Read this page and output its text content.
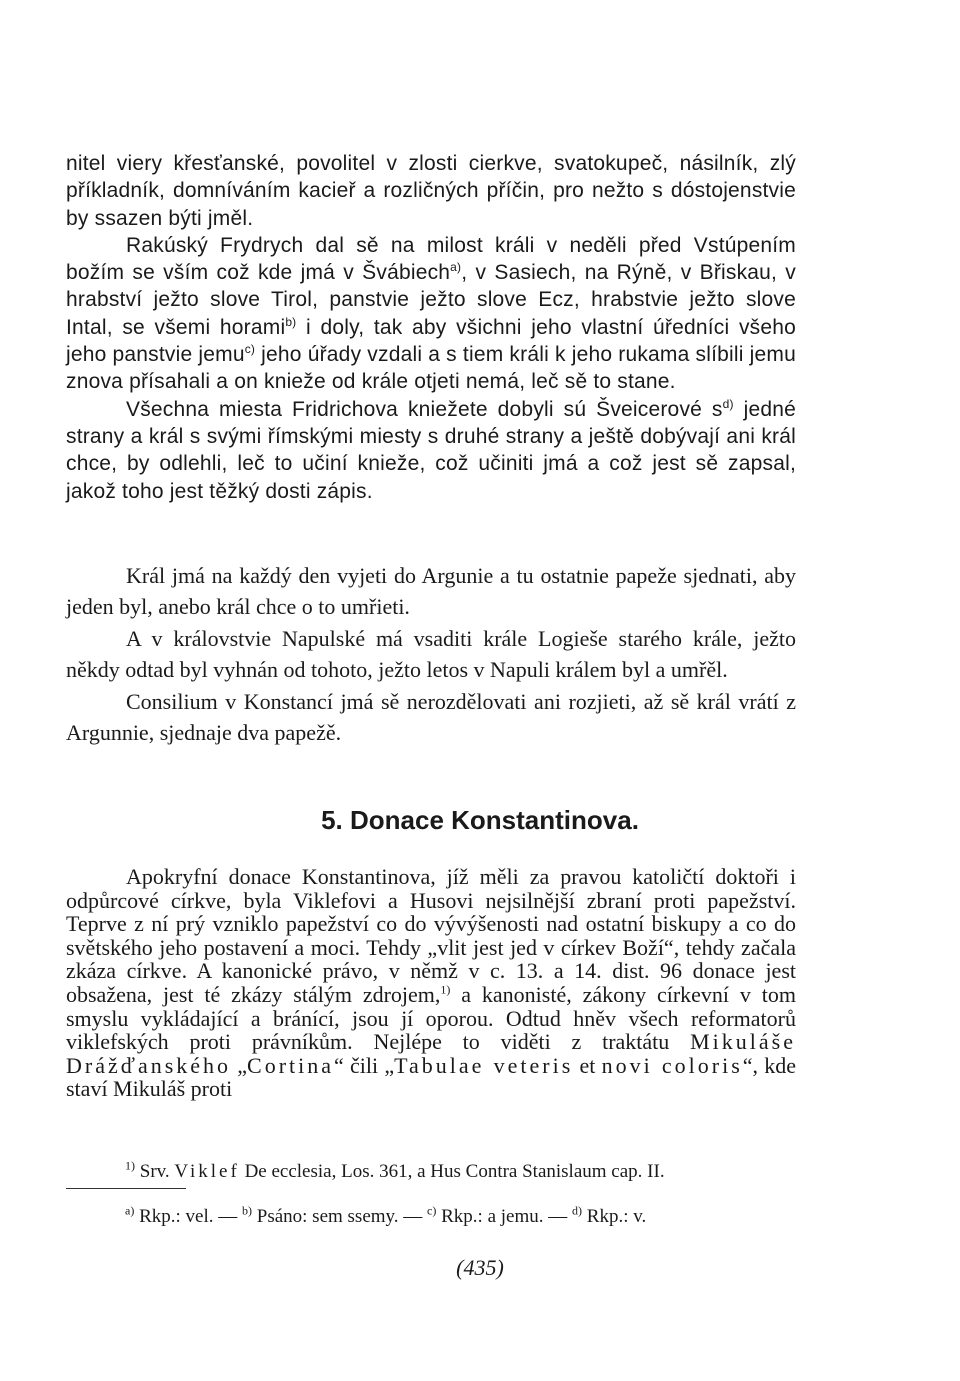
nitel viery křesťanské, povolitel v zlosti cierkve, svatokupeč, násilník, zlý příkladník, domníváním kacieř a rozličných příčin, pro nežto s dóstojenstvie by ssazen býti jměl.

Rakúský Frydrych dal sě na milost králi v neděli před Vstúpením božím se vším což kde jmá v Švábiech$^{a)}$, v Sasiech, na Rýně, v Břiskau, v hrabství ježto slove Tirol, panstvie ježto slove Ecz, hrabstvie ježto slove Intal, se všemi horami$^{b)}$ i doly, tak aby všichni jeho vlastní úředníci všeho jeho panstvie jemu$^{c)}$ jeho úřady vzdali a s tiem králi k jeho rukama slíbili jemu znova přísahali a on knieže od krále otjeti nemá, leč sě to stane.

Všechna miesta Fridrichova kniežete dobyli sú Šveicerové $s^{d)}$ jedné strany a král s svými římskými miesty s druhé strany a ještě dobývají ani král chce, by odlehli, leč to učiní knieže, což učiniti jmá a což jest sě zapsal, jakož toho jest těžký dosti zápis.

Král jmá na každý den vyjeti do Argunie a tu ostatnie papeže sjednati, aby jeden byl, anebo král chce o to umřieti.

A v královstvie Napulské má vsaditi krále Logieše starého krále, ježto někdy odtad byl vyhnán od tohoto, ježto letos v Napuli králem byl a umřěl.

Consilium v Konstancí jmá sě nerozdělovati ani rozjieti, až sě král vrátí z Argunnie, sjednaje dva papežě.

5. Donace Konstantinova.

Apokryfní donace Konstantinova, jíž měli za pravou katoličtí doktoři i odpůrcové církve, byla Viklefovi a Husovi nejsilnější zbraní proti papežství. Teprve z ní prý vzniklo papežství co do vývýšenosti nad ostatní biskupy a co do světského jeho postavení a moci. Tehdy „vlit jest jed v církev Boží“, tehdy začala zkáza církve. A kanonické právo, v němž v c. 13. a 14. dist. 96 donace jest obsažena, jest té zkázy stálým zdrojem,$^{1)}$ a kanonisté, zákony církevní v tom smyslu vykládající a bránící, jsou jí oporou. Odtud hněv všech reformatorů viklefských proti právníkům. Nejlépe to viděti z traktátu Mikuláše Drážďanského „Cortina“ čili „Tabulae veteris et novi coloris“, kde staví Mikuláš proti

$^{1)}$ Srv. Viklef De ecclesia, Los. 361, a Hus Contra Stanislaum cap. II.
$^{a)}$ Rkp.: vel. — $^{b)}$ Psáno: sem ssemy. — $^{c)}$ Rkp.: a jemu. — $^{d)}$ Rkp.: v.
(435)
